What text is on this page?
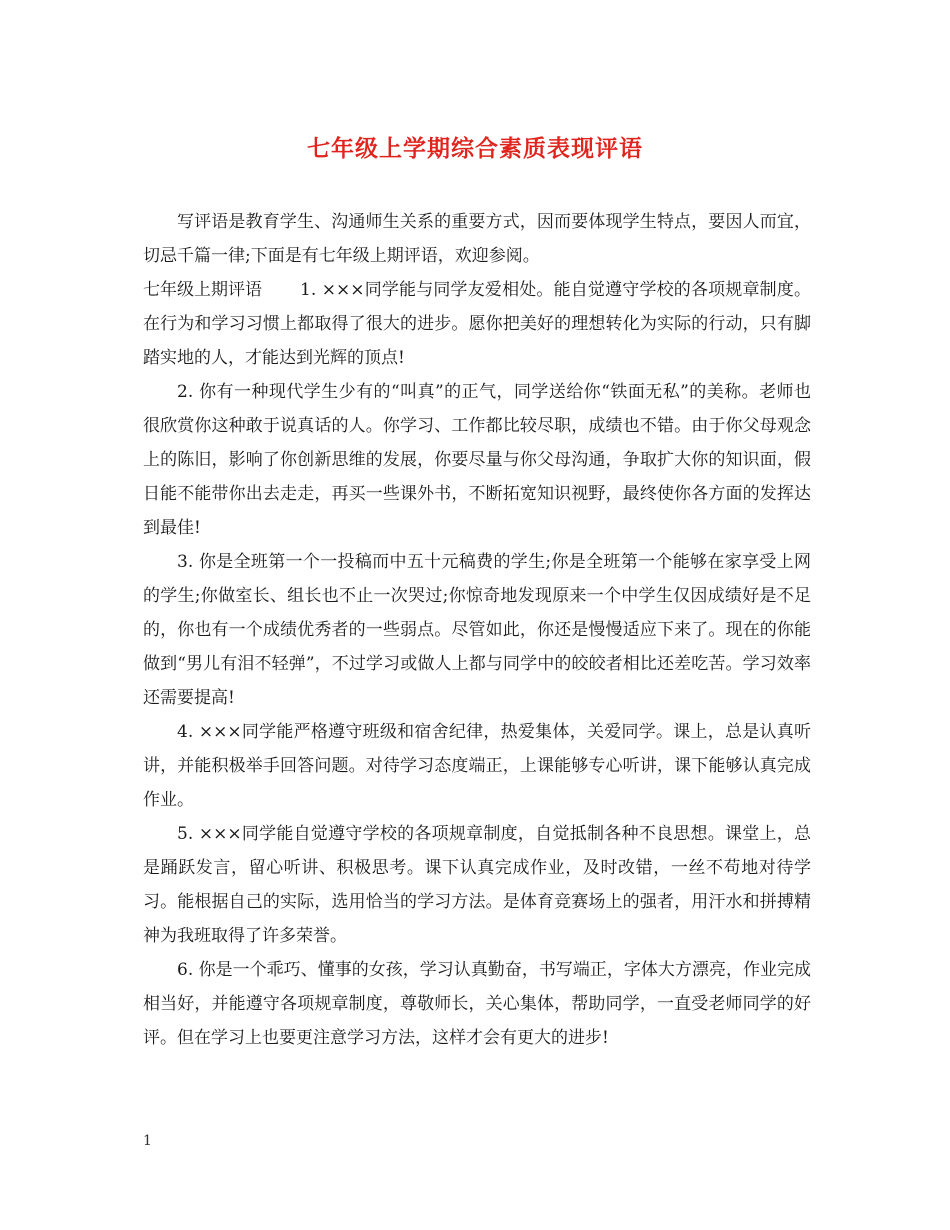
七年级上学期综合素质表现评语

写评语是教育学生、沟通师生关系的重要方式，因而要体现学生特点，要因人而宜，切忌千篇一律;下面是有七年级上期评语，欢迎参阅。

七年级上期评语 1. ×××同学能与同学友爱相处。能自觉遵守学校的各项规章制度。在行为和学习习惯上都取得了很大的进步。愿你把美好的理想转化为实际的行动，只有脚踏实地的人，才能达到光辉的顶点!

2. 你有一种现代学生少有的“叫真”的正气，同学送给你“铁面无私”的美称。老师也很欣赏你这种敢于说真话的人。你学习、工作都比较尽职，成绩也不错。由于你父母观念上的陈旧，影响了你创新思维的发展，你要尽量与你父母沟通，争取扩大你的知识面，假日能不能带你出去走走，再买一些课外书，不断拓宽知识视野，最终使你各方面的发挥达到最佳!

3. 你是全班第一个一投稿而中五十元稿费的学生;你是全班第一个能够在家享受上网的学生;你做室长、组长也不止一次哭过;你惊奇地发现原来一个中学生仅因成绩好是不足的，你也有一个成绩优秀者的一些弱点。尽管如此，你还是慢慢适应下来了。现在的你能做到“男儿有泪不轻弹”，不过学习或做人上都与同学中的皎皎者相比还差吃苦。学习效率还需要提高!

4. ×××同学能严格遵守班级和宿舍纪律，热爱集体，关爱同学。课上，总是认真听讲，并能积极举手回答问题。对待学习态度端正，上课能够专心听讲，课下能够认真完成作业。

5. ×××同学能自觉遵守学校的各项规章制度，自觉抵制各种不良思想。课堂上，总是踊跃发言，留心听讲、积极思考。课下认真完成作业，及时改错，一丝不苟地对待学习。能根据自己的实际，选用恰当的学习方法。是体育竞赛场上的强者，用汗水和拼搏精神为我班取得了许多荣誉。

6. 你是一个乖巧、懂事的女孩，学习认真勤奋，书写端正，字体大方漂亮，作业完成相当好，并能遵守各项规章制度，尊敬师长，关心集体，帮助同学，一直受老师同学的好评。但在学习上也要更注意学习方法，这样才会有更大的进步!

1
